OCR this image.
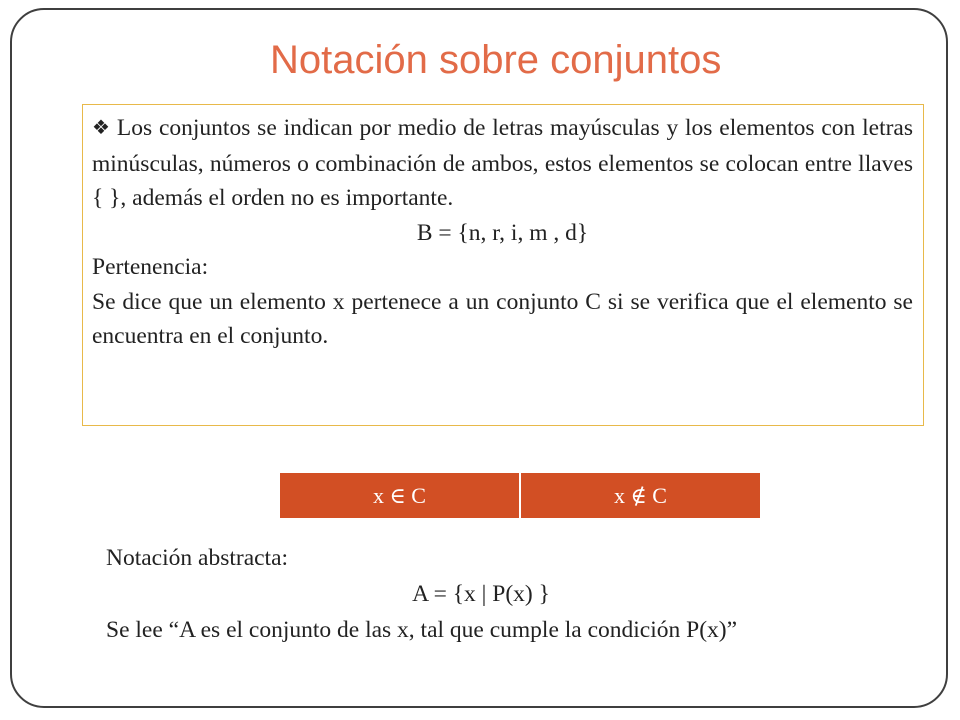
Notación sobre conjuntos

❖ Los conjuntos se indican por medio de letras mayúsculas y los elementos con letras minúsculas, números o combinación de ambos, estos elementos se colocan entre llaves { }, además el orden no es importante.

B = {n, r, i, m , d}

Pertenencia:

Se dice que un elemento x pertenece a un conjunto C si se verifica que el elemento se encuentra en el conjunto.

x ∈ C	x ∉ C

Notación abstracta:

A = {x | P(x) }

Se lee “A es el conjunto de las x, tal que cumple la condición P(x)”
